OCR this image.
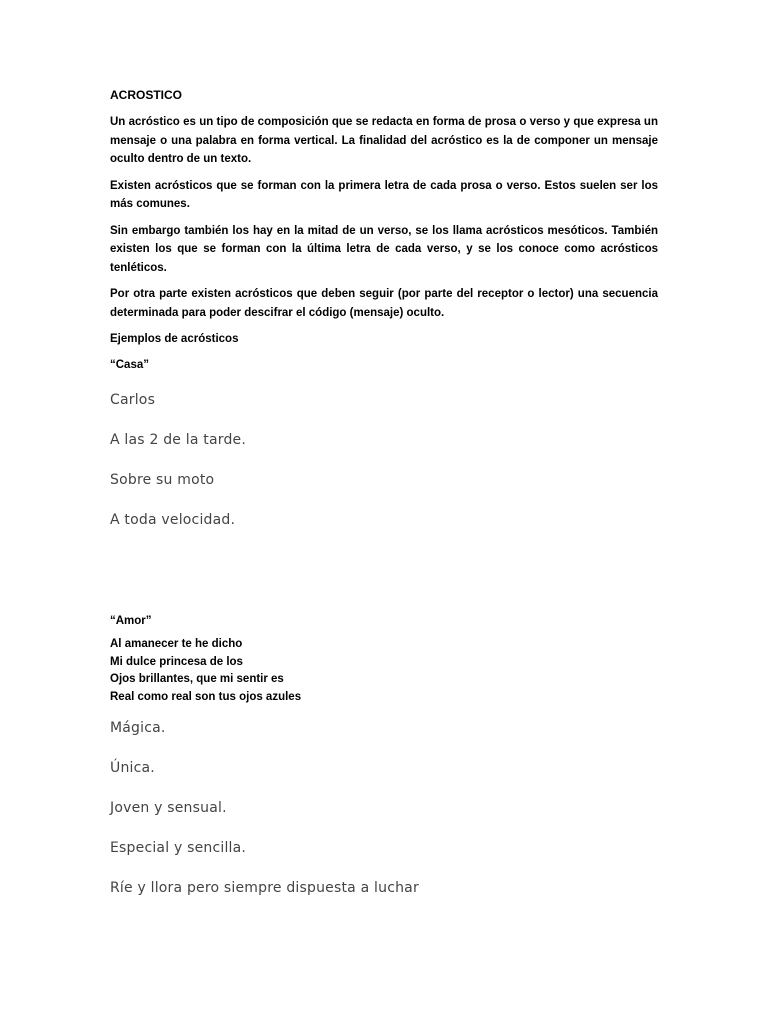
ACROSTICO

Un acróstico es un tipo de composición que se redacta en forma de prosa o verso y que expresa un mensaje o una palabra en forma vertical. La finalidad del acróstico es la de componer un mensaje oculto dentro de un texto.

Existen acrósticos que se forman con la primera letra de cada prosa o verso. Estos suelen ser los más comunes.

Sin embargo también los hay en la mitad de un verso, se los llama acrósticos mesóticos. También existen los que se forman con la última letra de cada verso, y se los conoce como acrósticos tenléticos.

Por otra parte existen acrósticos que deben seguir (por parte del receptor o lector) una secuencia determinada para poder descifrar el código (mensaje) oculto.

Ejemplos de acrósticos
“Casa”
Carlos
A las 2 de la tarde.
Sobre su moto
A toda velocidad.
“Amor”
Al amanecer te he dicho
Mi dulce princesa de los
Ojos brillantes, que mi sentir es
Real como real son tus ojos azules
Mágica.
Única.
Joven y sensual.
Especial y sencilla.
Ríe y llora pero siempre dispuesta a luchar
